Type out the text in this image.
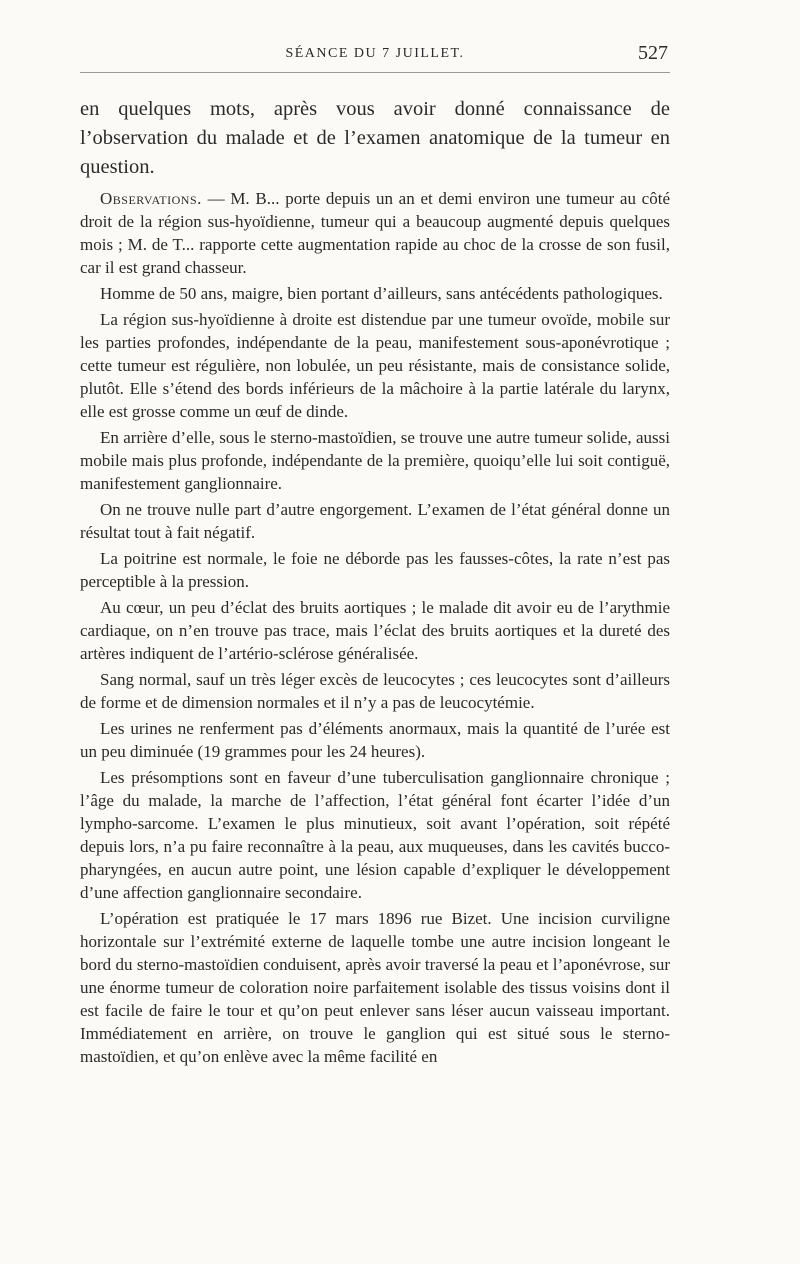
SÉANCE DU 7 JUILLET.	527

en quelques mots, après vous avoir donné connaissance de l’observation du malade et de l’examen anatomique de la tumeur en question.

Observations. — M. B... porte depuis un an et demi environ une tumeur au côté droit de la région sus-hyoïdienne, tumeur qui a beaucoup augmenté depuis quelques mois ; M. de T... rapporte cette augmentation rapide au choc de la crosse de son fusil, car il est grand chasseur.

Homme de 50 ans, maigre, bien portant d’ailleurs, sans antécédents pathologiques.

La région sus-hyoïdienne à droite est distendue par une tumeur ovoïde, mobile sur les parties profondes, indépendante de la peau, manifestement sous-aponévrotique ; cette tumeur est régulière, non lobulée, un peu résistante, mais de consistance solide, plutôt. Elle s’étend des bords inférieurs de la mâchoire à la partie latérale du larynx, elle est grosse comme un œuf de dinde.

En arrière d’elle, sous le sterno-mastoïdien, se trouve une autre tumeur solide, aussi mobile mais plus profonde, indépendante de la première, quoiqu’elle lui soit contiguë, manifestement ganglionnaire.

On ne trouve nulle part d’autre engorgement. L’examen de l’état général donne un résultat tout à fait négatif.

La poitrine est normale, le foie ne déborde pas les fausses-côtes, la rate n’est pas perceptible à la pression.

Au cœur, un peu d’éclat des bruits aortiques ; le malade dit avoir eu de l’arythmie cardiaque, on n’en trouve pas trace, mais l’éclat des bruits aortiques et la dureté des artères indiquent de l’artério-sclérose généralisée.

Sang normal, sauf un très léger excès de leucocytes ; ces leucocytes sont d’ailleurs de forme et de dimension normales et il n’y a pas de leucocytémie.

Les urines ne renferment pas d’éléments anormaux, mais la quantité de l’urée est un peu diminuée (19 grammes pour les 24 heures).

Les présomptions sont en faveur d’une tuberculisation ganglionnaire chronique ; l’âge du malade, la marche de l’affection, l’état général font écarter l’idée d’un lympho-sarcome. L’examen le plus minutieux, soit avant l’opération, soit répété depuis lors, n’a pu faire reconnaître à la peau, aux muqueuses, dans les cavités bucco-pharyngées, en aucun autre point, une lésion capable d’expliquer le développement d’une affection ganglionnaire secondaire.

L’opération est pratiquée le 17 mars 1896 rue Bizet. Une incision curviligne horizontale sur l’extrémité externe de laquelle tombe une autre incision longeant le bord du sterno-mastoïdien conduisent, après avoir traversé la peau et l’aponévrose, sur une énorme tumeur de coloration noire parfaitement isolable des tissus voisins dont il est facile de faire le tour et qu’on peut enlever sans léser aucun vaisseau important. Immédiatement en arrière, on trouve le ganglion qui est situé sous le sterno-mastoïdien, et qu’on enlève avec la même facilité en
